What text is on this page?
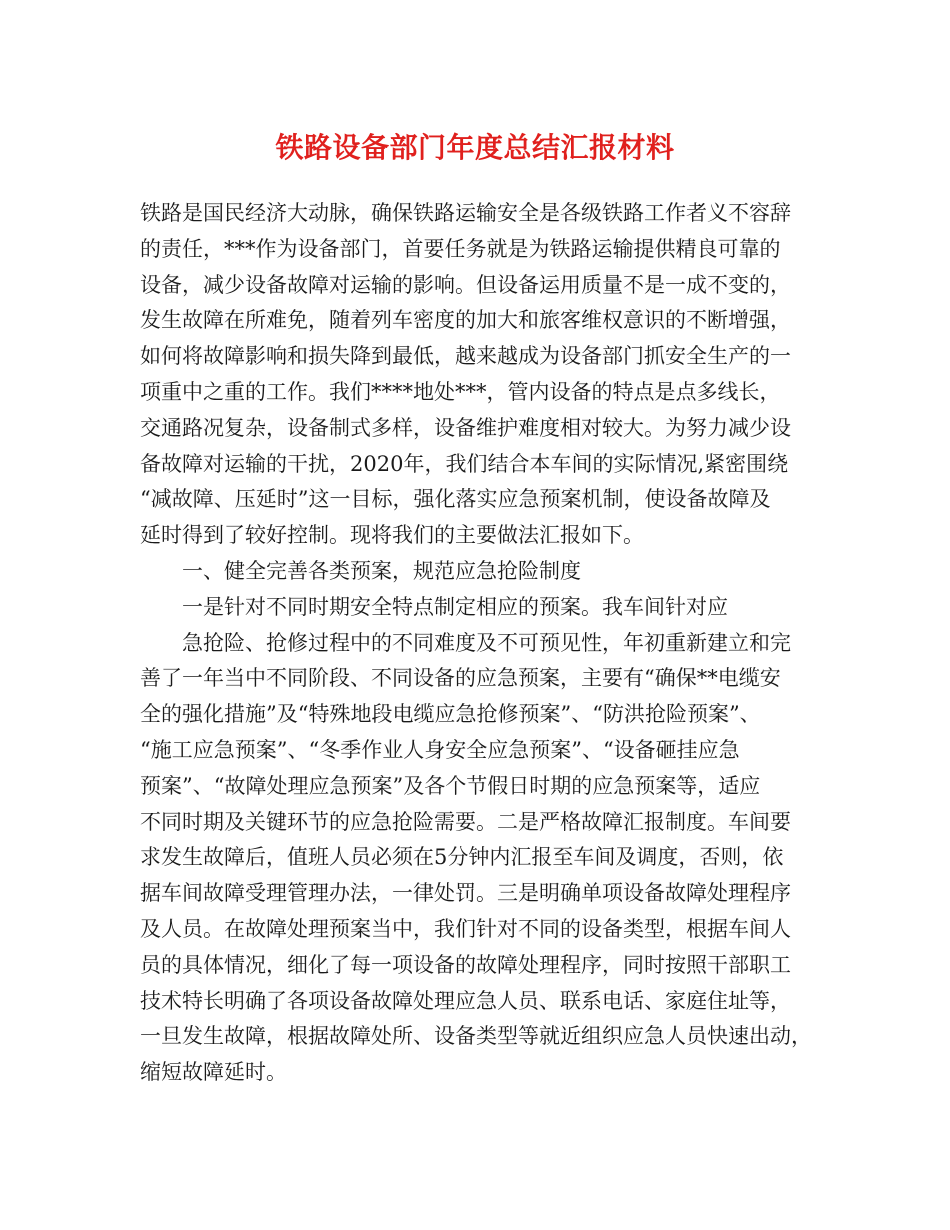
铁路设备部门年度总结汇报材料
铁路是国民经济大动脉，确保铁路运输安全是各级铁路工作者义不容辞
的责任，***作为设备部门，首要任务就是为铁路运输提供精良可靠的
设备，减少设备故障对运输的影响。但设备运用质量不是一成不变的，
发生故障在所难免，随着列车密度的加大和旅客维权意识的不断增强，
如何将故障影响和损失降到最低，越来越成为设备部门抓安全生产的一
项重中之重的工作。我们****地处***，管内设备的特点是点多线长，
交通路况复杂，设备制式多样，设备维护难度相对较大。为努力减少设
备故障对运输的干扰，2020年，我们结合本车间的实际情况,紧密围绕
“减故障、压延时”这一目标，强化落实应急预案机制，使设备故障及
延时得到了较好控制。现将我们的主要做法汇报如下。
一、健全完善各类预案，规范应急抢险制度
一是针对不同时期安全特点制定相应的预案。我车间针对应
急抢险、抢修过程中的不同难度及不可预见性，年初重新建立和完
善了一年当中不同阶段、不同设备的应急预案，主要有“确保**电缆安
全的强化措施”及“特殊地段电缆应急抢修预案”、“防洪抢险预案”、
“施工应急预案”、“冬季作业人身安全应急预案”、“设备砸挂应急
预案”、“故障处理应急预案”及各个节假日时期的应急预案等，适应
不同时期及关键环节的应急抢险需要。二是严格故障汇报制度。车间要
求发生故障后，值班人员必须在5分钟内汇报至车间及调度，否则，依
据车间故障受理管理办法，一律处罚。三是明确单项设备故障处理程序
及人员。在故障处理预案当中，我们针对不同的设备类型，根据车间人
员的具体情况，细化了每一项设备的故障处理程序，同时按照干部职工
技术特长明确了各项设备故障处理应急人员、联系电话、家庭住址等，
一旦发生故障，根据故障处所、设备类型等就近组织应急人员快速出动，
缩短故障延时。
